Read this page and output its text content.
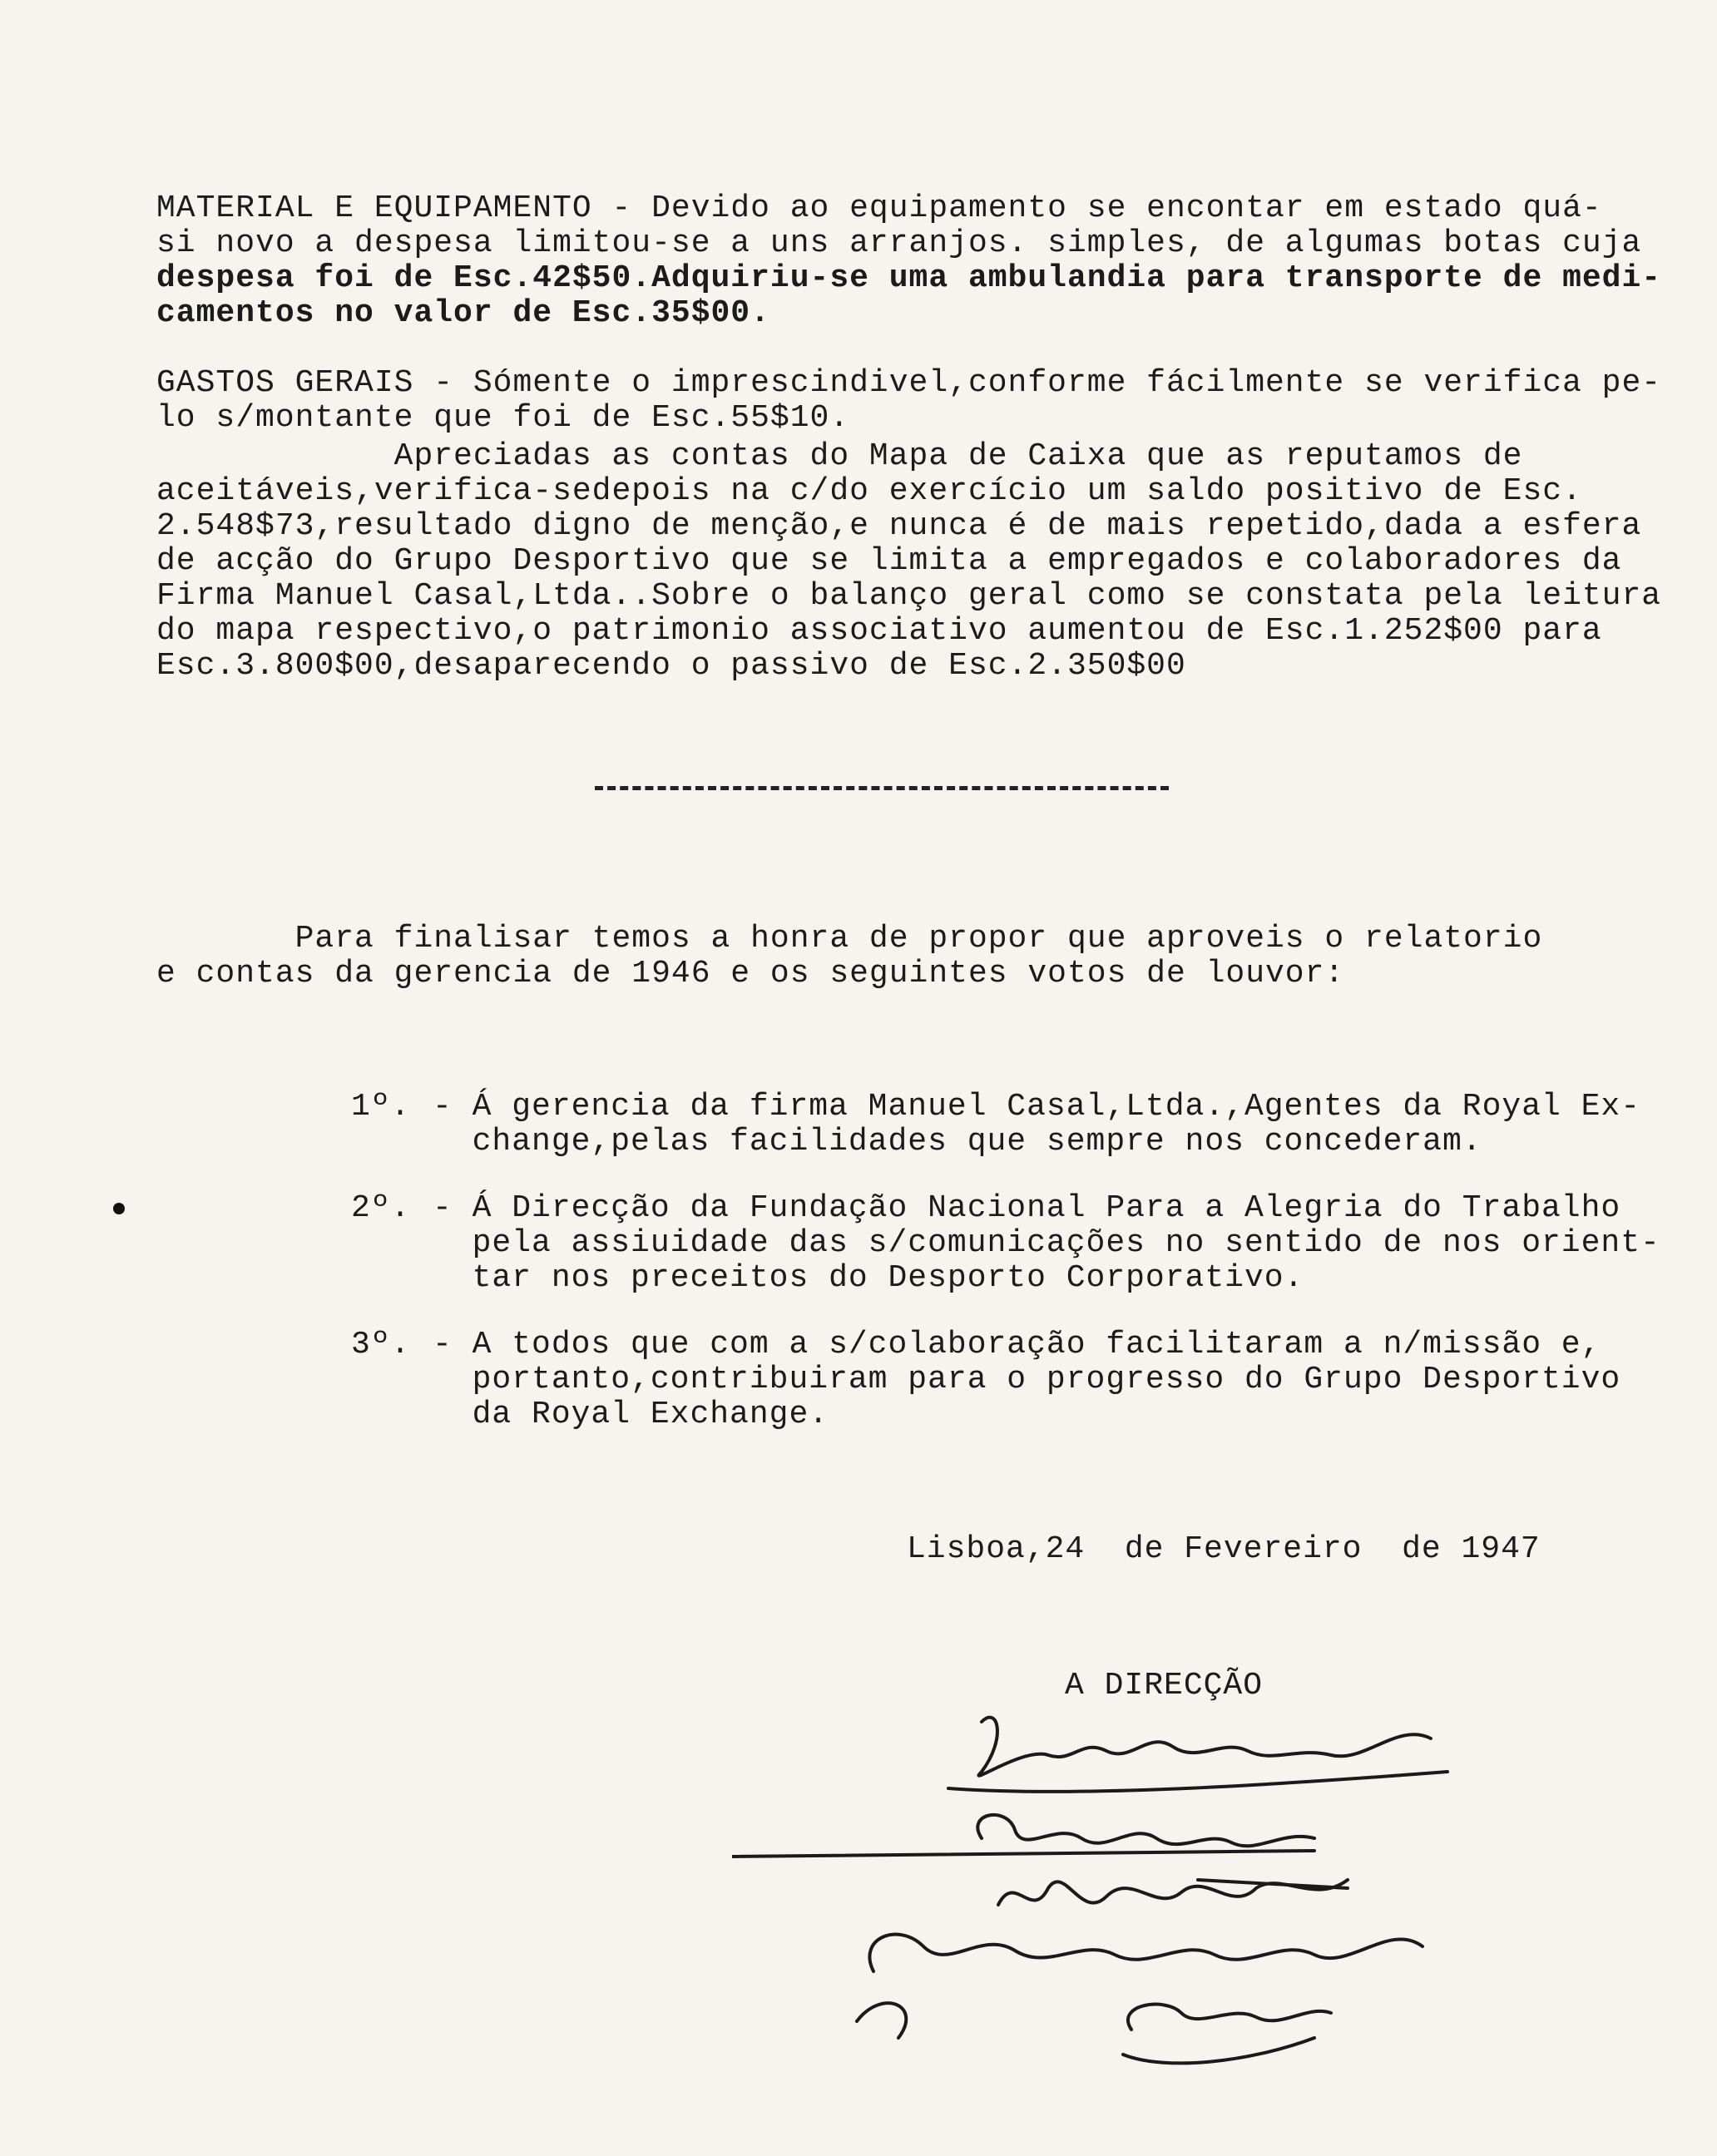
MATERIAL E EQUIPAMENTO - Devido ao equipamento se encontar em estado quá-
si novo a despesa limitou-se a uns arranjos. simples, de algumas botas cuja
despesa foi de Esc.42$50.Adquiriu-se uma ambulandia para transporte de medi-
camentos no valor de Esc.35$00.
GASTOS GERAIS - Sómente o imprescindivel,conforme fácilmente se verifica pe-
lo s/montante que foi de Esc.55$10.
Apreciadas as contas do Mapa de Caixa que as reputamos de
aceitáveis,verifica-sedepois na c/do exercício um saldo positivo de Esc.
2.548$73,resultado digno de menção,e nunca é de mais repetido,dada a esfera
de acção do Grupo Desportivo que se limita a empregados e colaboradores da
Firma Manuel Casal,Ltda..Sobre o balanço geral como se constata pela leitura
do mapa respectivo,o patrimonio associativo aumentou de Esc.1.252$00 para
Esc.3.800$00,desaparecendo o passivo de Esc.2.350$00
Para finalisar temos a honra de propor que aproveis o relatorio
e contas da gerencia de 1946 e os seguintes votos de louvor:
1º. - Á gerencia da firma Manuel Casal,Ltda.,Agentes da Royal Ex-
change,pelas facilidades que sempre nos concederam.
2º. - Á Direcção da Fundação Nacional Para a Alegria do Trabalho
pela assiuidade das s/comunicações no sentido de nos orient-
tar nos preceitos do Desporto Corporativo.
3º. - A todos que com a s/colaboração facilitaram a n/missão e,
portanto,contribuiram para o progresso do Grupo Desportivo
da Royal Exchange.
Lisboa,24  de Fevereiro  de 1947
A DIRECÇÃO
